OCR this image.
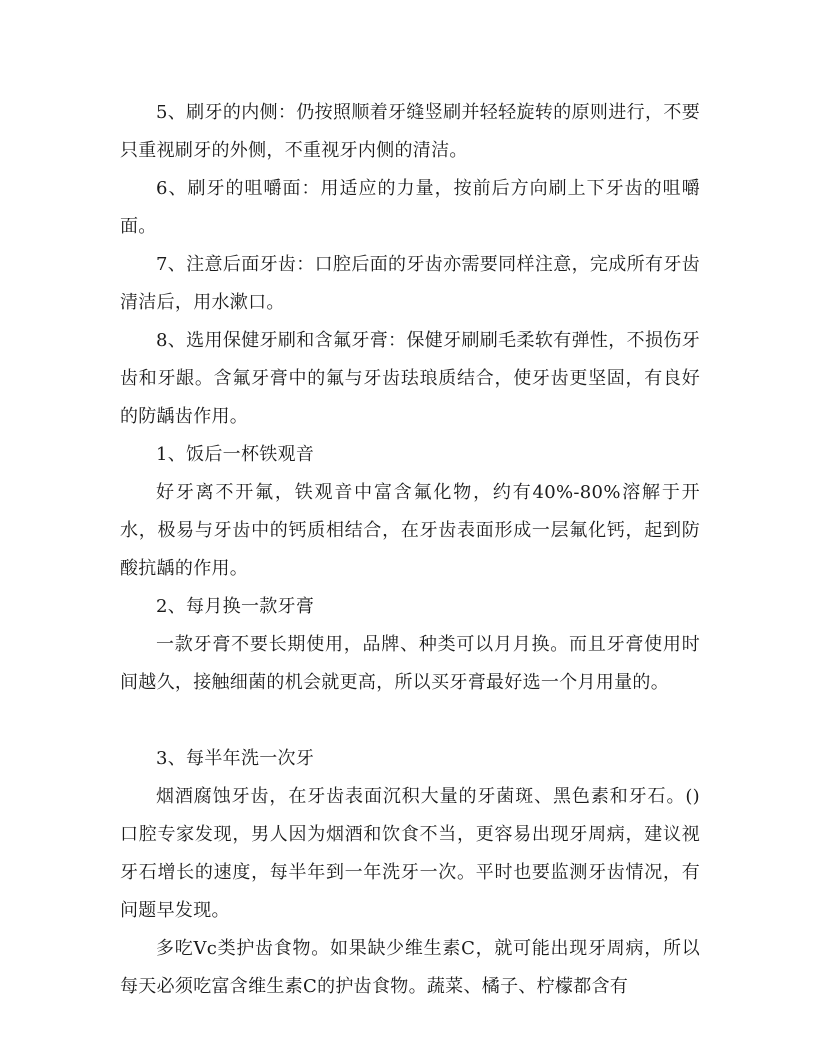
5、刷牙的内侧：仍按照顺着牙缝竖刷并轻轻旋转的原则进行，不要只重视刷牙的外侧，不重视牙内侧的清洁。

6、刷牙的咀嚼面：用适应的力量，按前后方向刷上下牙齿的咀嚼面。

7、注意后面牙齿：口腔后面的牙齿亦需要同样注意，完成所有牙齿清洁后，用水漱口。

8、选用保健牙刷和含氟牙膏：保健牙刷刷毛柔软有弹性，不损伤牙齿和牙龈。含氟牙膏中的氟与牙齿珐琅质结合，使牙齿更坚固，有良好的防龋齿作用。

1、饭后一杯铁观音

好牙离不开氟，铁观音中富含氟化物，约有40%-80%溶解于开水，极易与牙齿中的钙质相结合，在牙齿表面形成一层氟化钙，起到防酸抗龋的作用。

2、每月换一款牙膏

一款牙膏不要长期使用，品牌、种类可以月月换。而且牙膏使用时间越久，接触细菌的机会就更高，所以买牙膏最好选一个月用量的。

3、每半年洗一次牙

烟酒腐蚀牙齿，在牙齿表面沉积大量的牙菌斑、黑色素和牙石。()口腔专家发现，男人因为烟酒和饮食不当，更容易出现牙周病，建议视牙石增长的速度，每半年到一年洗牙一次。平时也要监测牙齿情况，有问题早发现。

多吃Vc类护齿食物。如果缺少维生素C，就可能出现牙周病，所以每天必须吃富含维生素C的护齿食物。蔬菜、橘子、柠檬都含有
